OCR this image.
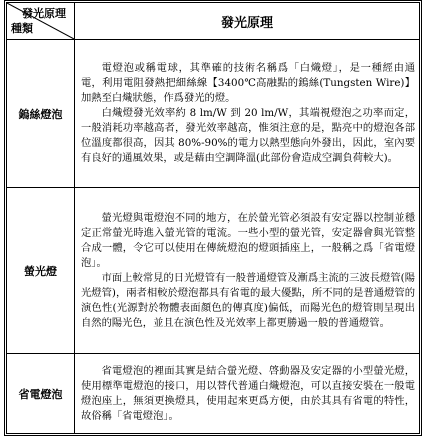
發光原理
種類	發光原理
鎢絲燈泡	電燈泡或稱電球，其準確的技術名稱爲「白熾燈」，是一種經由通電，利用電阻發熱把細絲線【3400℃高融點的鎢絲(Tungsten Wire)】加熱至白熾狀態，作爲發光的燈。

白熾燈發光效率約 8 lm/W 到 20 lm/W，其端視燈泡之功率而定，一般消耗功率越高者，發光效率越高，惟須注意的是，點亮中的燈泡各部位溫度都很高，因其 80%-90%的電力以熱型態向外發出，因此，室內要有良好的通風效果，或是藉由空調降溫(此部份會造成空調負荷較大)。

螢光燈	螢光燈與電燈泡不同的地方，在於螢光管必須設有安定器以控制並穩定正常螢光時進入螢光管的電流。一些小型的螢光管，安定器會與光管整合成一體，令它可以使用在傳統燈泡的燈頭插座上，一般稱之爲「省電燈泡」。

市面上較常見的日光燈管有一般普通燈管及漸爲主流的三波長燈管(陽光燈管)，兩者相較於燈泡都具有省電的最大優點，所不同的是普通燈管的演色性(光源對於物體表面顏色的傳真度)偏低，而陽光色的燈管則呈現出自然的陽光色，並且在演色性及光效率上都更勝過一般的普通燈管。

省電燈泡	省電燈泡的裡面其實是結合螢光燈、啓動器及安定器的小型螢光燈，使用標準電燈泡的接口，用以替代普通白熾燈泡，可以直接安裝在一般電燈泡座上，無須更換燈具，使用起來更爲方便，由於其具有省電的特性，故俗稱「省電燈泡」。
